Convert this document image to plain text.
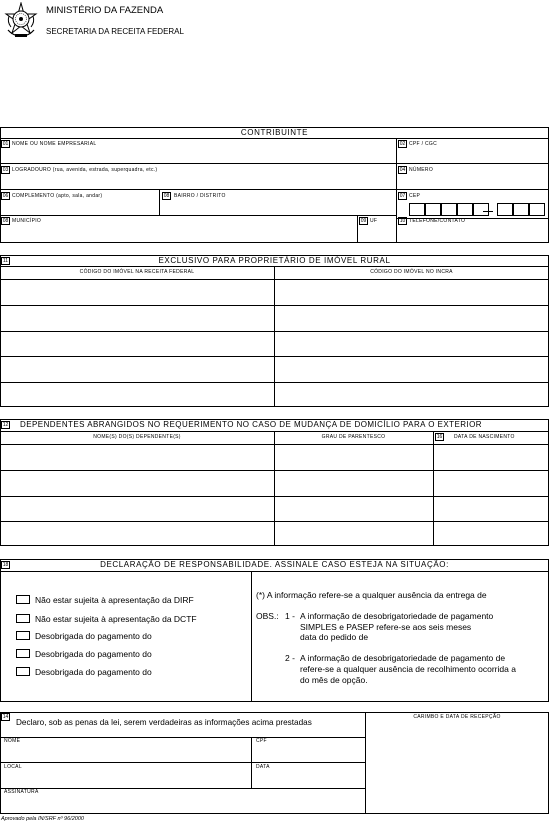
MINISTÉRIO DA FAZENDA
SECRETARIA DA RECEITA FEDERAL
CONTRIBUINTE
01 NOME OU NOME EMPRESARIAL	02 CPF / CGC
03 LOGRADOURO (rua, avenida, estrada, superquadra, etc.)	04 NÚMERO
06 COMPLEMENTO (apto, sala, andar)	08 BAIRRO / DISTRITO	07 CEP
08 MUNICÍPIO	09 UF	10 TELEFONE/CONTATO
11	EXCLUSIVO PARA PROPRIETÁRIO DE IMÓVEL RURAL
CÓDIGO DO IMÓVEL NA RECEITA FEDERAL	CÓDIGO DO IMÓVEL NO INCRA
12 DEPENDENTES ABRANGIDOS NO REQUERIMENTO NO CASO DE MUDANÇA DE DOMICÍLIO PARA O EXTERIOR
NOME(S) DO(S) DEPENDENTE(S)	GRAU DE PARENTESCO	16	DATA DE NASCIMENTO
18	DECLARAÇÃO DE RESPONSABILIDADE. ASSINALE CASO ESTEJA NA SITUAÇÃO:
Não estar sujeita à apresentação da DIRF
Não estar sujeita à apresentação da DCTF
Desobrigada do pagamento do
Desobrigada do pagamento do
Desobrigada do pagamento do
(*) A informação refere-se a qualquer ausência da entrega de
OBS.: 1 - A informação de desobrigatoriedade de pagamento
SIMPLES e PASEP refere-se aos seis meses
data do pedido de
2 - A informação de desobrigatoriedade de pagamento de
refere-se a qualquer ausência de recolhimento ocorrida a
do mês de opção.
14
Declaro, sob as penas da lei, serem verdadeiras as informações acima prestadas
CARIMBO E DATA DE RECEPÇÃO
NOME	CPF
LOCAL	DATA
ASSINATURA
Aprovado pela IN/SRF nº 96/2000
